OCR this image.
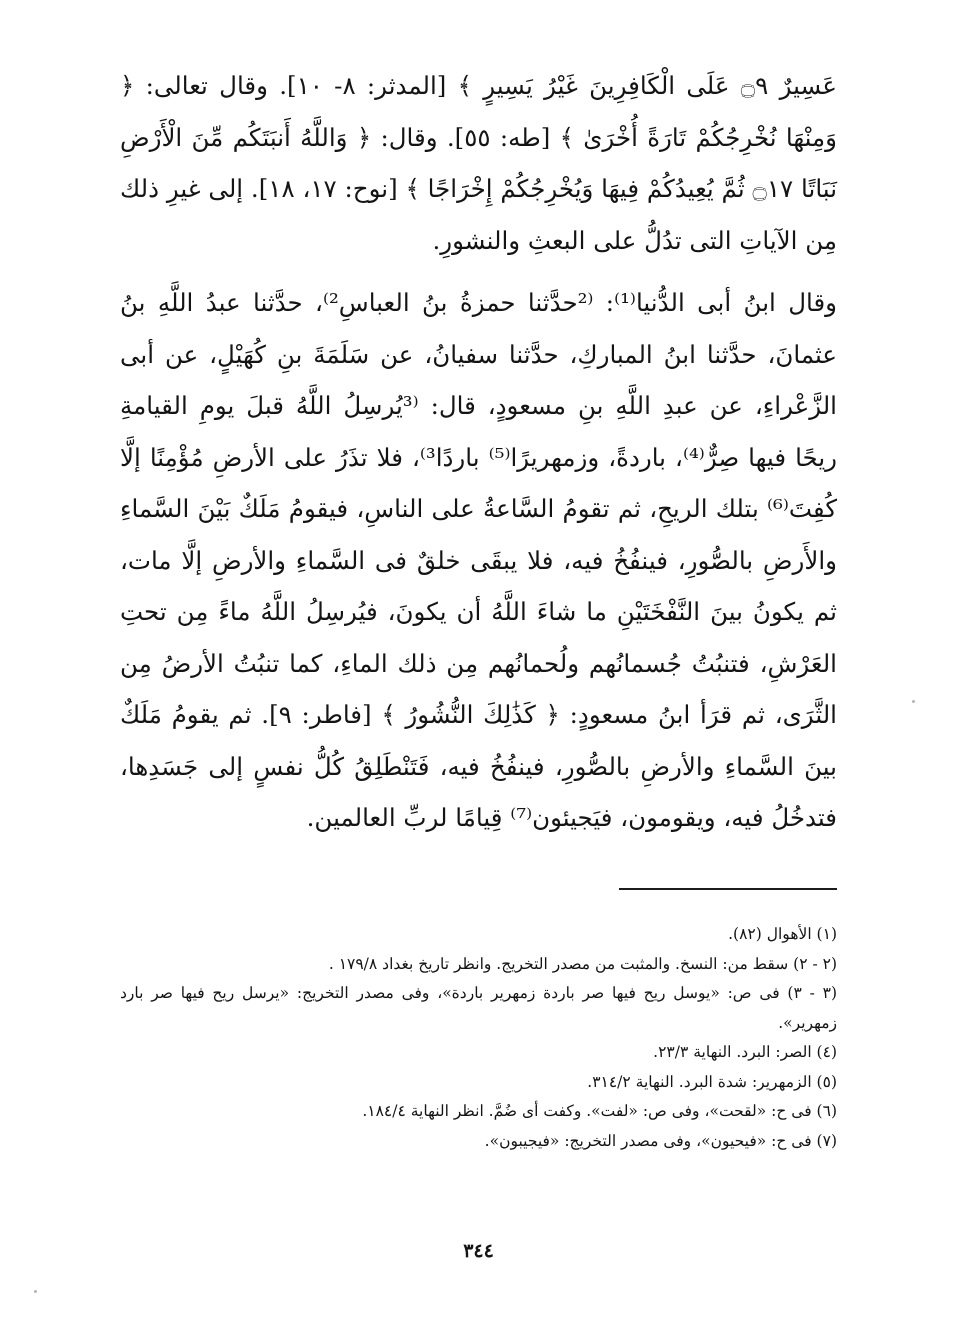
عَسِيرٌ ۝٩ عَلَى الْكَافِرِينَ غَيْرُ يَسِيرٍ ﴾ [المدثر: ٨- ١٠]. وقال تعالى: ﴿ وَمِنْهَا نُخْرِجُكُمْ تَارَةً أُخْرَىٰ ﴾ [طه: ٥٥]. وقال: ﴿ وَاللَّهُ أَنبَتَكُم مِّنَ الْأَرْضِ نَبَاتًا ۝١٧ ثُمَّ يُعِيدُكُمْ فِيهَا وَيُخْرِجُكُمْ إِخْرَاجًا ﴾ [نوح: ١٧، ١٨]. إلى غيرِ ذلك مِن الآياتِ التى تدُلُّ على البعثِ والنشورِ.

وقال ابنُ أبى الدُّنيا⁽¹⁾: ⁽²حدَّثنا حمزةُ بنُ العباسِ²⁾، حدَّثنا عبدُ اللَّهِ بنُ عثمانَ، حدَّثنا ابنُ المباركِ، حدَّثنا سفيانُ، عن سَلَمَةَ بنِ كُهَيْلٍ، عن أبى الزَّعْراءِ، عن عبدِ اللَّهِ بنِ مسعودٍ، قال: ⁽³يُرسِلُ اللَّهُ قبلَ يومِ القيامةِ ريحًا فيها صِرٌّ⁽⁴⁾، باردةً، وزمهريرًا⁽⁵⁾ باردًا³⁾، فلا تذَرُ على الأرضِ مُؤْمِنًا إلَّا كُفِتَ⁽⁶⁾ بتلك الريحِ، ثم تقومُ السَّاعةُ على الناسِ، فيقومُ مَلَكٌ بَيْنَ السَّماءِ والأَرضِ بالصُّورِ، فينفُخُ فيه، فلا يبقَى خلقٌ فى السَّماءِ والأرضِ إلَّا مات، ثم يكونُ بينَ النَّفْخَتَيْنِ ما شاءَ اللَّهُ أن يكونَ، فيُرسِلُ اللَّهُ ماءً مِن تحتِ العَرْشِ، فتنبُتُ جُسمانُهم ولُحمانُهم مِن ذلك الماءِ، كما تنبُتُ الأرضُ مِن الثَّرَى، ثم قرَأ ابنُ مسعودٍ: ﴿ كَذَٰلِكَ النُّشُورُ ﴾ [فاطر: ٩]. ثم يقومُ مَلَكٌ بينَ السَّماءِ والأرضِ بالصُّورِ، فينفُخُ فيه، فَتَنْطَلِقُ كُلُّ نفسٍ إلى جَسَدِها، فتدخُلُ فيه، ويقومون، فيَجيئون⁽⁷⁾ قِيامًا لربِّ العالمين.

(١) الأهوال (٨٢).
(٢ - ٢) سقط من: النسخ. والمثبت من مصدر التخريج. وانظر تاريخ بغداد ١٧٩/٨ .
(٣ - ٣) فى ص: «يوسل ريح فيها صر باردة زمهرير باردة»، وفى مصدر التخريج: «يرسل ريح فيها صر بارد زمهرير».
(٤) الصر: البرد. النهاية ٢٣/٣.
(٥) الزمهرير: شدة البرد. النهاية ٣١٤/٢.
(٦) فى ح: «لقحت»، وفى ص: «لفت». وكفت أى ضُمَّ. انظر النهاية ١٨٤/٤.
(٧) فى ح: «فيحيون»، وفى مصدر التخريج: «فيجيبون».
٣٤٤
